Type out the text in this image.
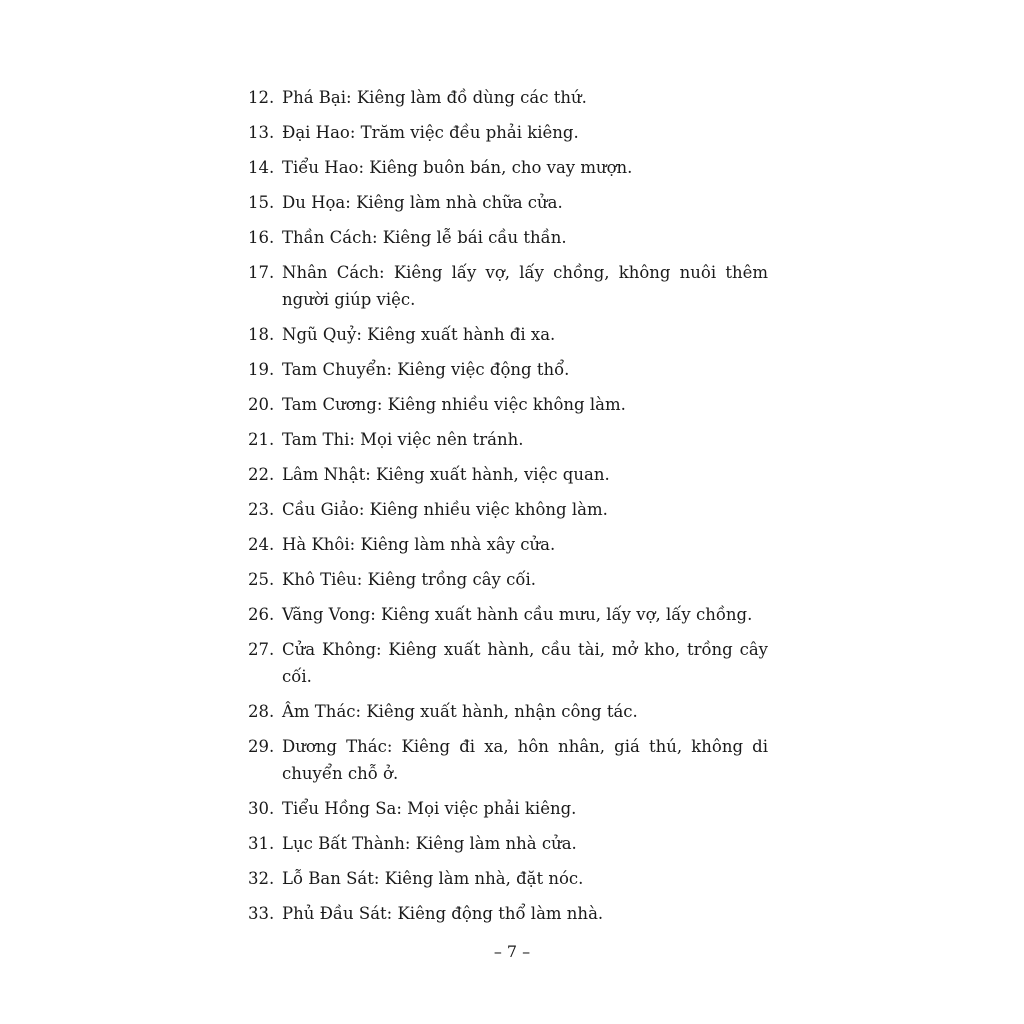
12. Phá Bại: Kiêng làm đồ dùng các thứ.
13. Đại Hao: Trăm việc đều phải kiêng.
14. Tiểu Hao: Kiêng buôn bán, cho vay mượn.
15. Du Họa: Kiêng làm nhà chữa cửa.
16. Thần Cách: Kiêng lễ bái cầu thần.
17. Nhân Cách: Kiêng lấy vợ, lấy chồng, không nuôi thêm người giúp việc.
18. Ngũ Quỷ: Kiêng xuất hành đi xa.
19. Tam Chuyển: Kiêng việc động thổ.
20. Tam Cương: Kiêng nhiều việc không làm.
21. Tam Thi: Mọi việc nên tránh.
22. Lâm Nhật: Kiêng xuất hành, việc quan.
23. Cầu Giảo: Kiêng nhiều việc không làm.
24. Hà Khôi: Kiêng làm nhà xây cửa.
25. Khô Tiêu: Kiêng trồng cây cối.
26. Vãng Vong: Kiêng xuất hành cầu mưu, lấy vợ, lấy chồng.
27. Cửa Không: Kiêng xuất hành, cầu tài, mở kho, trồng cây cối.
28. Âm Thác: Kiêng xuất hành, nhận công tác.
29. Dương Thác: Kiêng đi xa, hôn nhân, giá thú, không di chuyển chỗ ở.
30. Tiểu Hồng Sa: Mọi việc phải kiêng.
31. Lục Bất Thành: Kiêng làm nhà cửa.
32. Lỗ Ban Sát: Kiêng làm nhà, đặt nóc.
33. Phủ Đầu Sát: Kiêng động thổ làm nhà.
– 7 –
